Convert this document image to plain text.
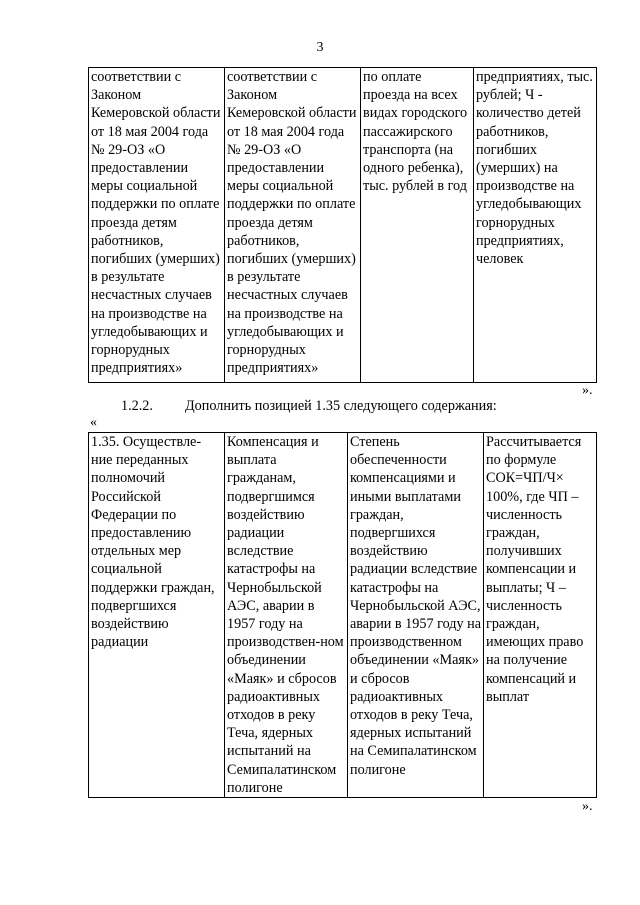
3
соответствии с Законом Кемеровской области от 18 мая 2004 года № 29-ОЗ «О предоставлении меры социальной поддержки по оплате проезда детям работников, погибших (умерших) в результате несчастных случаев на производстве на угледобывающих и горнорудных предприятиях»	соответствии с Законом Кемеровской области от 18 мая 2004 года № 29-ОЗ «О предоставлении меры социальной поддержки по оплате проезда детям работников, погибших (умерших) в результате несчастных случаев на производстве на угледобывающих и горнорудных предприятиях»	по оплате проезда на всех видах городского пассажирского транспорта (на одного ребенка), тыс. рублей в год	предприятиях, тыс. рублей; Ч - количество детей работников, погибших (умерших) на производстве на угледобывающих горнорудных предприятиях, человек
».
1.2.2. Дополнить позицией 1.35 следующего содержания:
«
1.35. Осуществле-ние переданных полномочий Российской Федерации по предоставлению отдельных мер социальной поддержки граждан, подвергшихся воздействию радиации	Компенсация и выплата гражданам, подвергшимся воздействию радиации вследствие катастрофы на Чернобыльской АЭС, аварии в 1957 году на производствен-ном объединении «Маяк» и сбросов радиоактивных отходов в реку Теча, ядерных испытаний на Семипалатинском полигоне	Степень обеспеченности компенсациями и иными выплатами граждан, подвергшихся воздействию радиации вследствие катастрофы на Чернобыльской АЭС, аварии в 1957 году на производственном объединении «Маяк» и сбросов радиоактивных отходов в реку Теча, ядерных испытаний на Семипалатинском полигоне	Рассчитывается по формуле СОК=ЧП/Ч× 100%, где ЧП – численность граждан, получивших компенсации и выплаты; Ч – численность граждан, имеющих право на получение компенсаций и выплат
».
